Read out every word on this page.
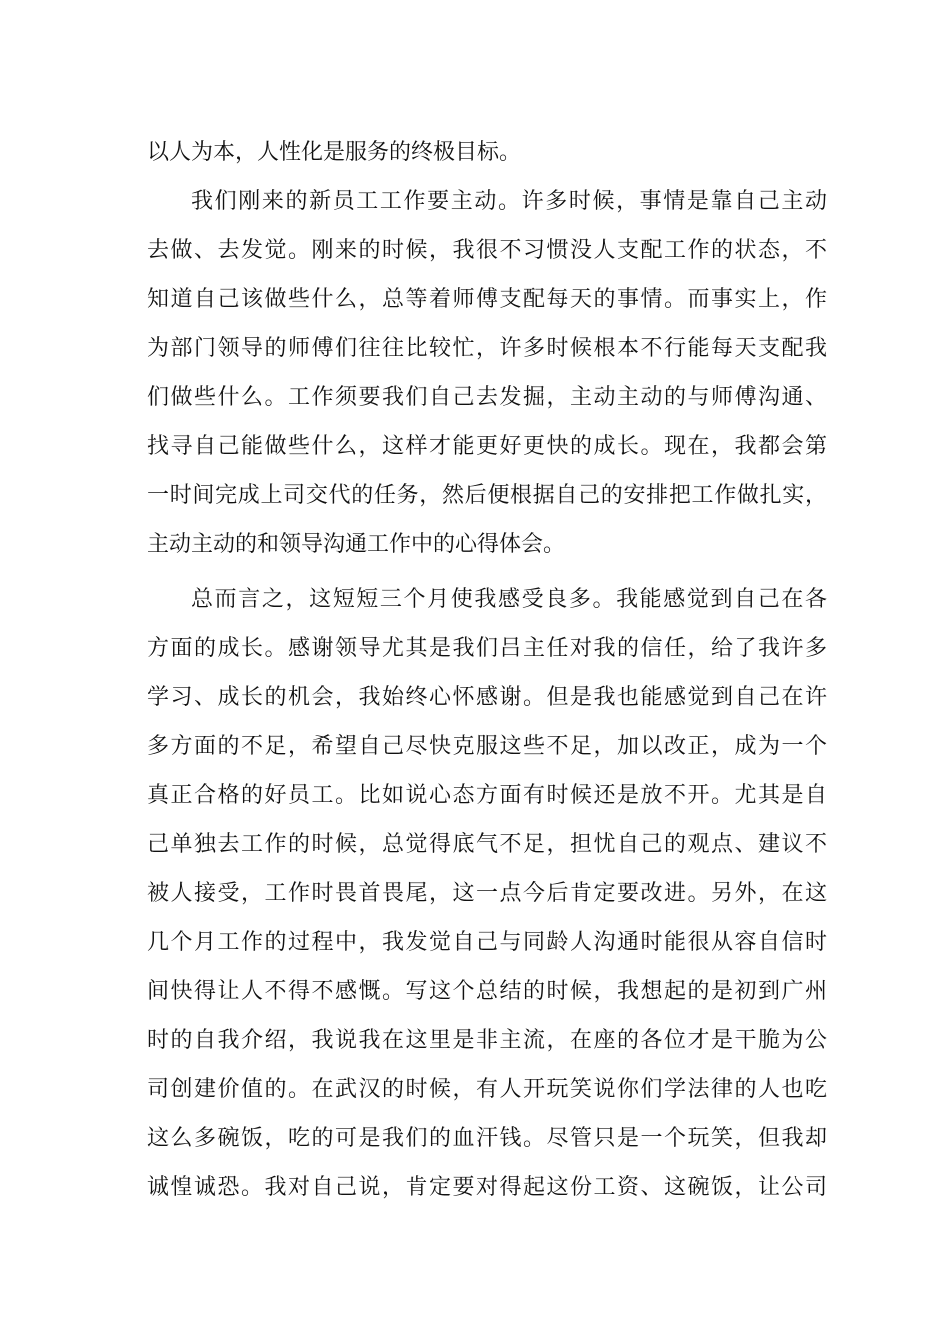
以人为本，人性化是服务的终极目标。
我们刚来的新员工工作要主动。许多时候，事情是靠自己主动
去做、去发觉。刚来的时候，我很不习惯没人支配工作的状态，不
知道自己该做些什么，总等着师傅支配每天的事情。而事实上，作
为部门领导的师傅们往往比较忙，许多时候根本不行能每天支配我
们做些什么。工作须要我们自己去发掘，主动主动的与师傅沟通、
找寻自己能做些什么，这样才能更好更快的成长。现在，我都会第
一时间完成上司交代的任务，然后便根据自己的安排把工作做扎实，
主动主动的和领导沟通工作中的心得体会。
总而言之，这短短三个月使我感受良多。我能感觉到自己在各
方面的成长。感谢领导尤其是我们吕主任对我的信任，给了我许多
学习、成长的机会，我始终心怀感谢。但是我也能感觉到自己在许
多方面的不足，希望自己尽快克服这些不足，加以改正，成为一个
真正合格的好员工。比如说心态方面有时候还是放不开。尤其是自
己单独去工作的时候，总觉得底气不足，担忧自己的观点、建议不
被人接受，工作时畏首畏尾，这一点今后肯定要改进。另外，在这
几个月工作的过程中，我发觉自己与同龄人沟通时能很从容自信时
间快得让人不得不感慨。写这个总结的时候，我想起的是初到广州
时的自我介绍，我说我在这里是非主流，在座的各位才是干脆为公
司创建价值的。在武汉的时候，有人开玩笑说你们学法律的人也吃
这么多碗饭，吃的可是我们的血汗钱。尽管只是一个玩笑，但我却
诚惶诚恐。我对自己说，肯定要对得起这份工资、这碗饭，让公司
